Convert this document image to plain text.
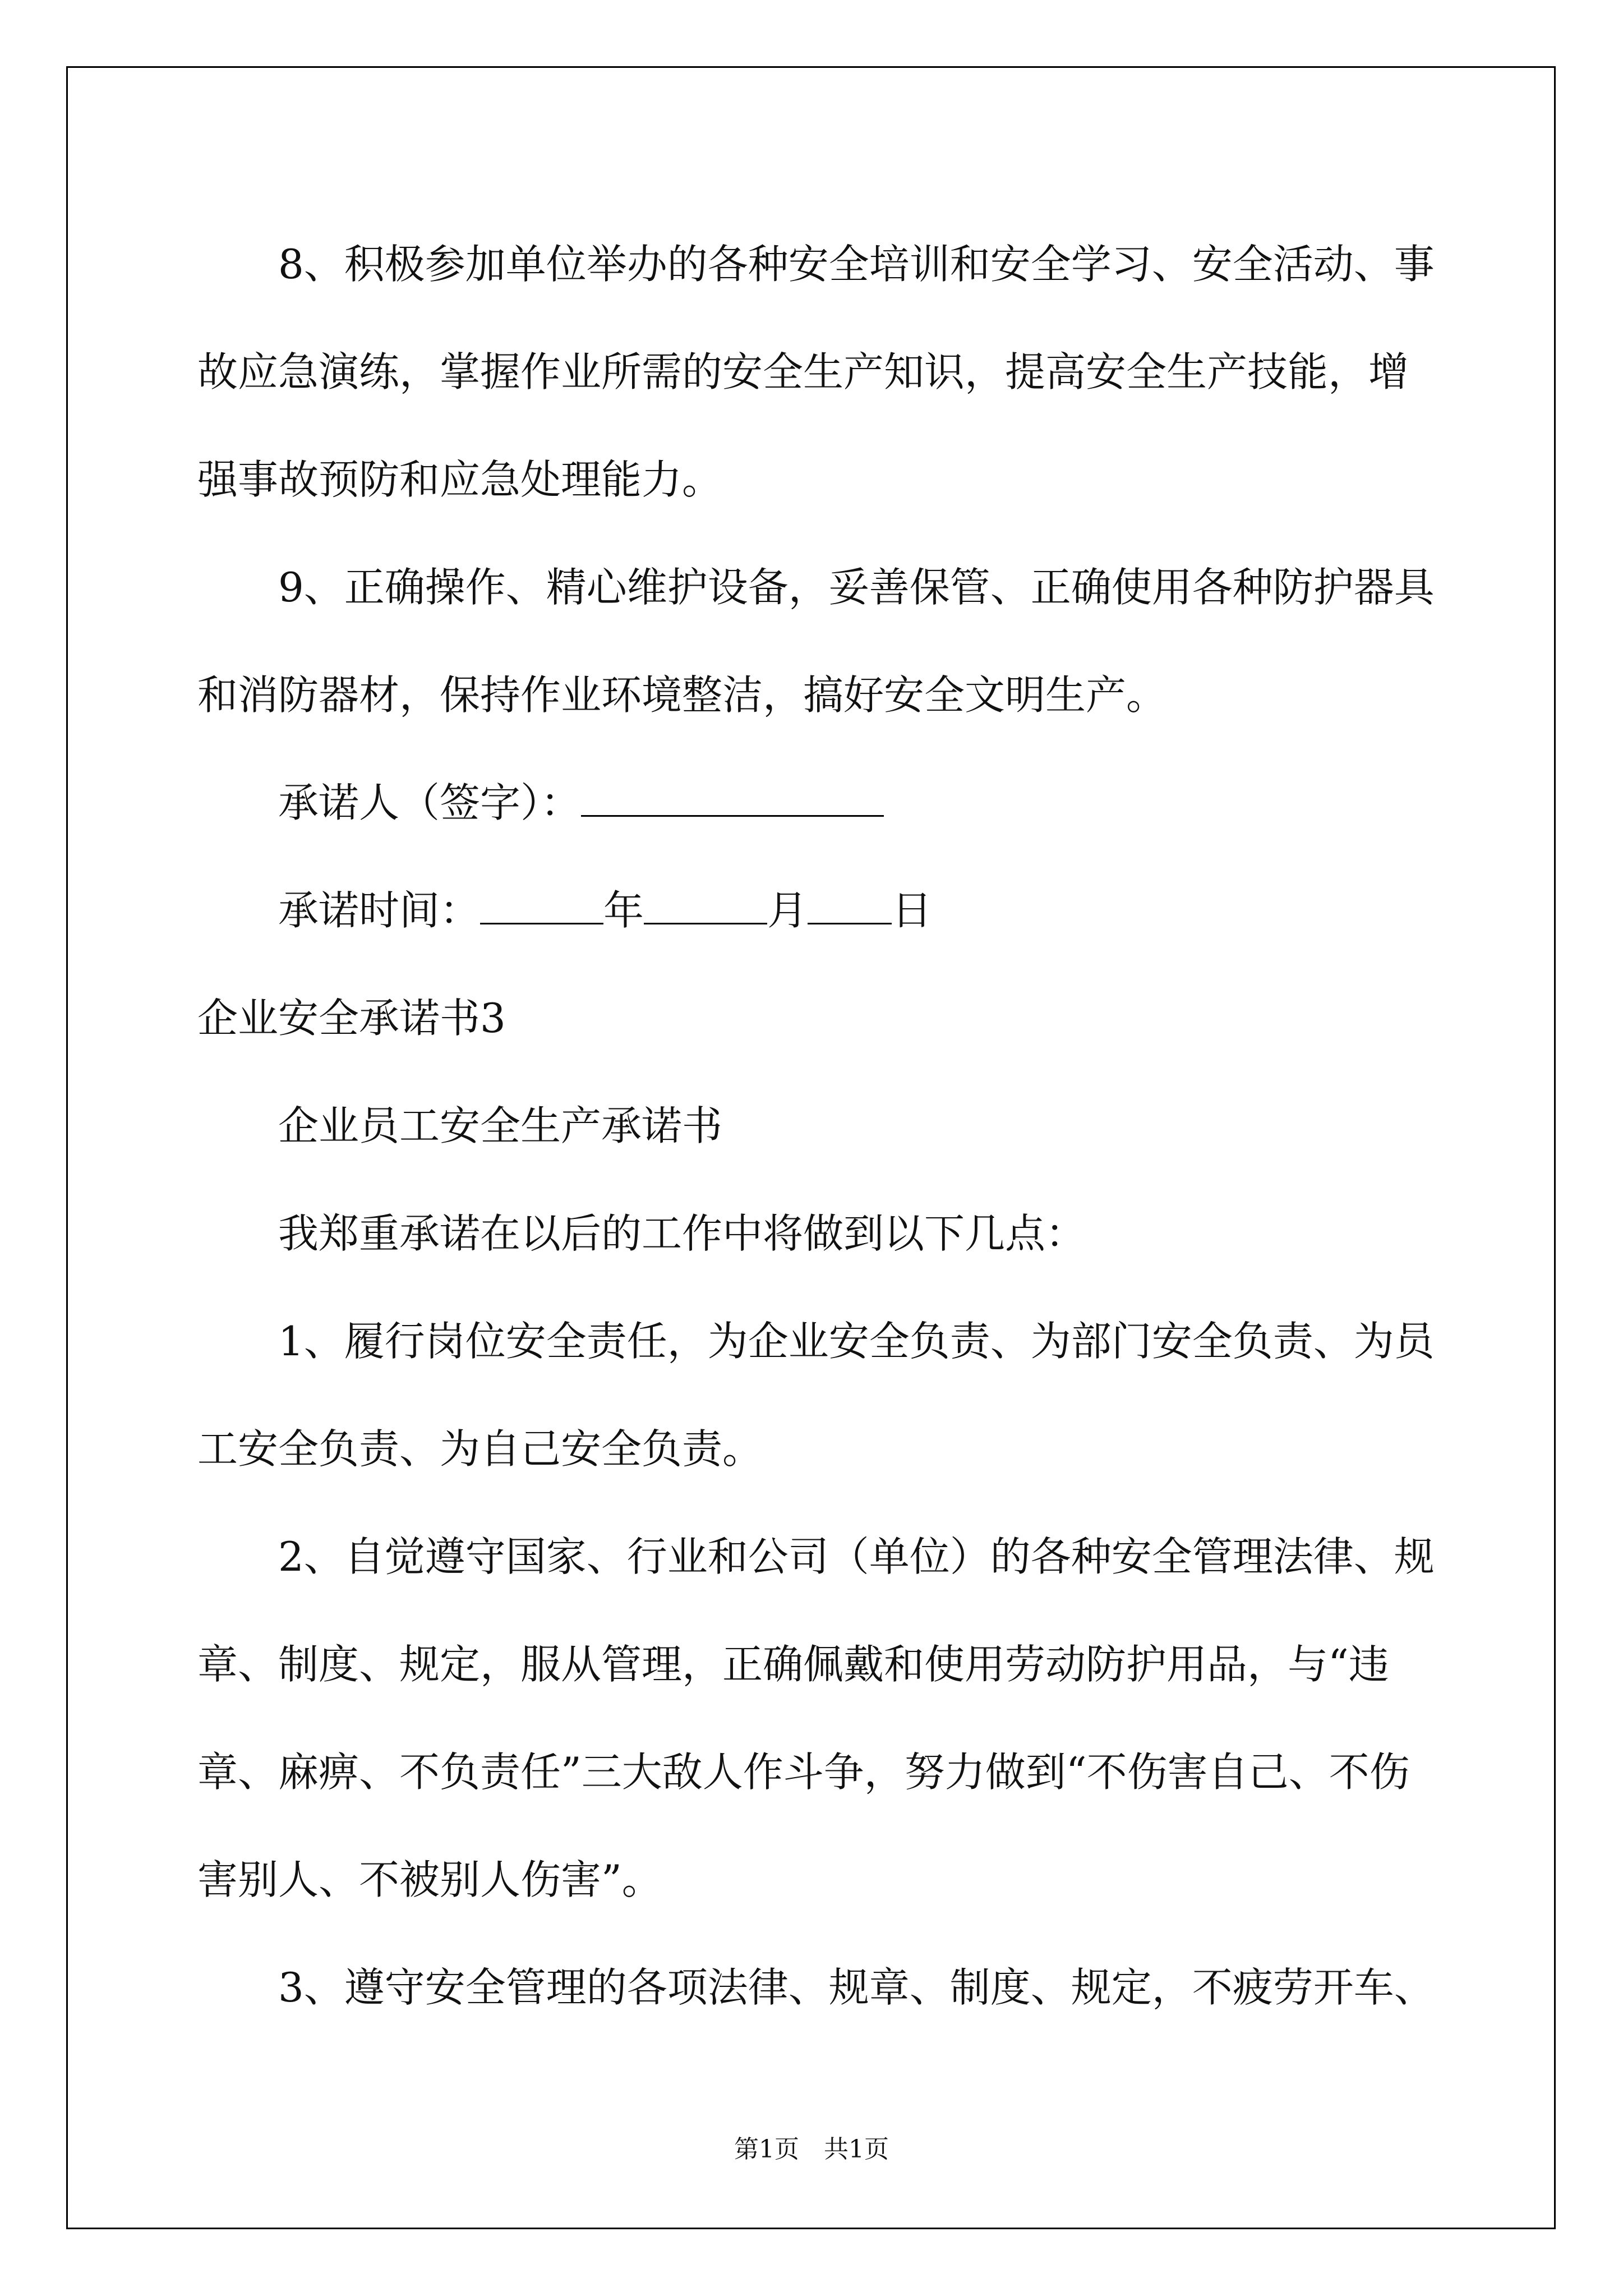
8、积极参加单位举办的各种安全培训和安全学习、安全活动、事故应急演练，掌握作业所需的安全生产知识，提高安全生产技能，增强事故预防和应急处理能力。

9、正确操作、精心维护设备，妥善保管、正确使用各种防护器具和消防器材，保持作业环境整洁，搞好安全文明生产。

承诺人（签字）：

承诺时间：	年	月 日

企业安全承诺书3

企业员工安全生产承诺书

我郑重承诺在以后的工作中将做到以下几点：

1、履行岗位安全责任，为企业安全负责、为部门安全负责、为员工安全负责、为自己安全负责。

2、自觉遵守国家、行业和公司（单位）的各种安全管理法律、规章、制度、规定，服从管理，正确佩戴和使用劳动防护用品，与“违章、麻痹、不负责任”三大敌人作斗争，努力做到“不伤害自己、不伤害别人、不被别人伤害”。

3、遵守安全管理的各项法律、规章、制度、规定，不疲劳开车、

第1页　共1页
